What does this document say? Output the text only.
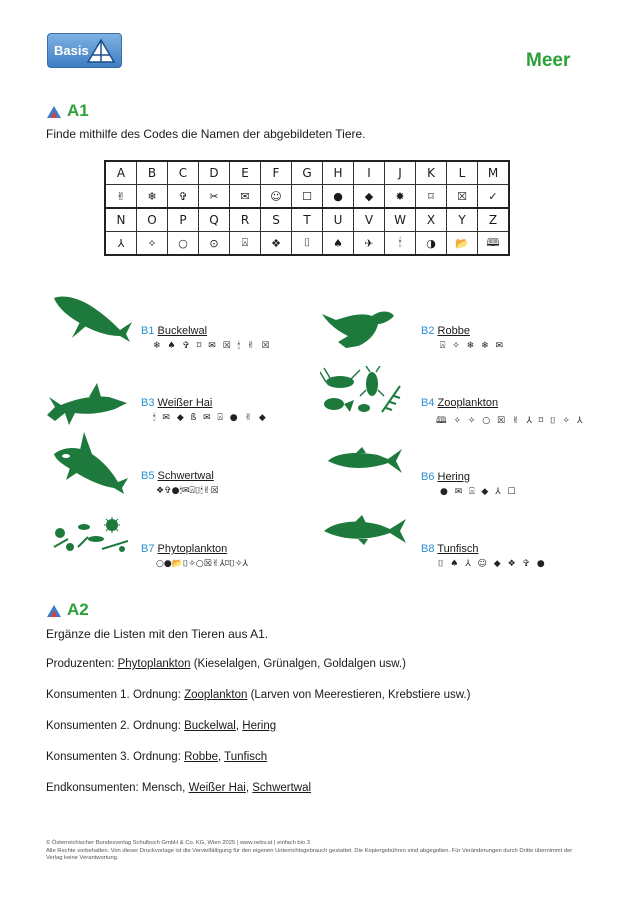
Basis	Meer
A1
Finde mithilfe des Codes die Namen der abgebildeten Tiere.
A	B	C	D	E	F	G	H	I	J	K	L	M
✌	❄	✞	✂	✉	☺	☐	●	◆	✸	⌑	☒	✓
N	O	P	Q	R	S	T	U	V	W	X	Y	Z
⅄	✧	○	⊙	⍓	❖	⌷	♠	✈	🕯	◑	📂	🕮
B1 Buckelwal
❄ ♠ ✞ ⌑ ✉ ☒ 🕯 ✌ ☒
B2 Robbe
⍓ ✧ ❄ ❄ ✉
B3 Weißer Hai
🕯 ✉ ◆ ß ✉ ⍓ ● ✌ ◆
B4 Zooplankton
🕮 ✧ ✧ ○ ☒ ✌ ⅄ ⌑ ⌷ ✧ ⅄
B5 Schwertwal
❖✞●🕯✉⍓⌷🕯✌☒
B6 Hering
● ✉ ⍓ ◆ ⅄ ☐
B7 Phytoplankton
○●📂⌷✧○☒✌⅄⌑⌷✧⅄
B8 Tunfisch
⌷ ♠ ⅄ ☺ ◆ ❖ ✞ ●
A2
Ergänze die Listen mit den Tieren aus A1.
Produzenten: Phytoplankton (Kieselalgen, Grünalgen, Goldalgen usw.)
Konsumenten 1. Ordnung: Zooplankton (Larven von Meerestieren, Krebstiere usw.)
Konsumenten 2. Ordnung: Buckelwal, Hering
Konsumenten 3. Ordnung: Robbe, Tunfisch
Endkonsumenten: Mensch, Weißer Hai, Schwertwal
© Österreichischer Bundesverlag Schulbuch GmbH & Co. KG, Wien 2025 | www.oebv.at | einfach bio 3
Alle Rechte vorbehalten. Von dieser Druckvorlage ist die Vervielfältigung für den eigenen Unterrichtsgebrauch gestattet. Die Kopiergebühren sind abgegolten. Für Veränderungen durch Dritte übernimmt der Verlag keine Verantwortung.
